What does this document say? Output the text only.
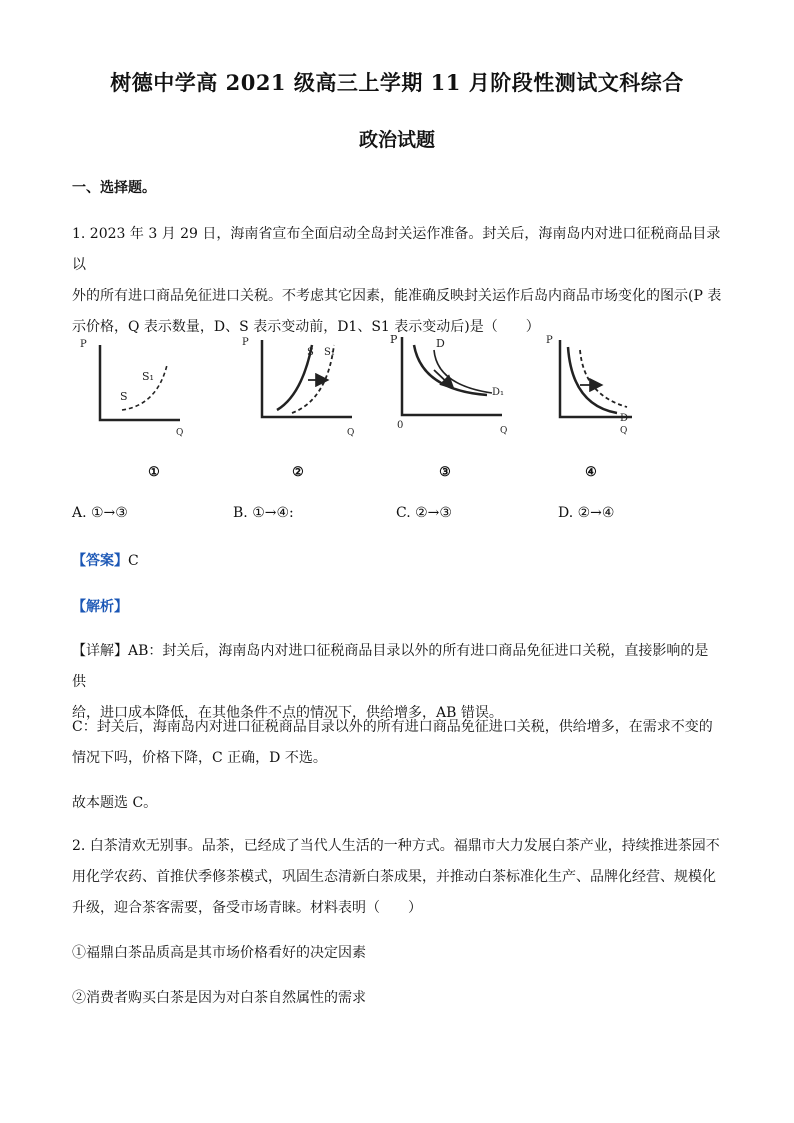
树德中学高 2021 级高三上学期 11 月阶段性测试文科综合
政治试题
一、选择题。
1. 2023 年 3 月 29 日，海南省宣布全面启动全岛封关运作准备。封关后，海南岛内对进口征税商品目录以
外的所有进口商品免征进口关税。不考虑其它因素，能准确反映封关运作后岛内商品市场变化的图示(P 表
示价格，Q 表示数量，D、S 表示变动前，D1、S1 表示变动后)是（　　）
P
Q
S₁
S
P
Q
S S₁
P
Q
0
D
D₁
P
Q
D
①	②	③	④
A. ①→③	B. ①→④:	C. ②→③	D. ②→④
【答案】C
【解析】
【详解】AB：封关后，海南岛内对进口征税商品目录以外的所有进口商品免征进口关税，直接影响的是供
给，进口成本降低，在其他条件不点的情况下，供给增多，AB 错误。
C：封关后，海南岛内对进口征税商品目录以外的所有进口商品免征进口关税，供给增多，在需求不变的
情况下吗，价格下降，C 正确，D 不选。
故本题选 C。
2. 白茶清欢无别事。品茶，已经成了当代人生活的一种方式。福鼎市大力发展白茶产业，持续推进茶园不
用化学农药、首推伏季修茶模式，巩固生态清新白茶成果，并推动白茶标准化生产、品牌化经营、规模化
升级，迎合茶客需要，备受市场青睐。材料表明（　　）
①福鼎白茶品质高是其市场价格看好的决定因素
②消费者购买白茶是因为对白茶自然属性的需求
